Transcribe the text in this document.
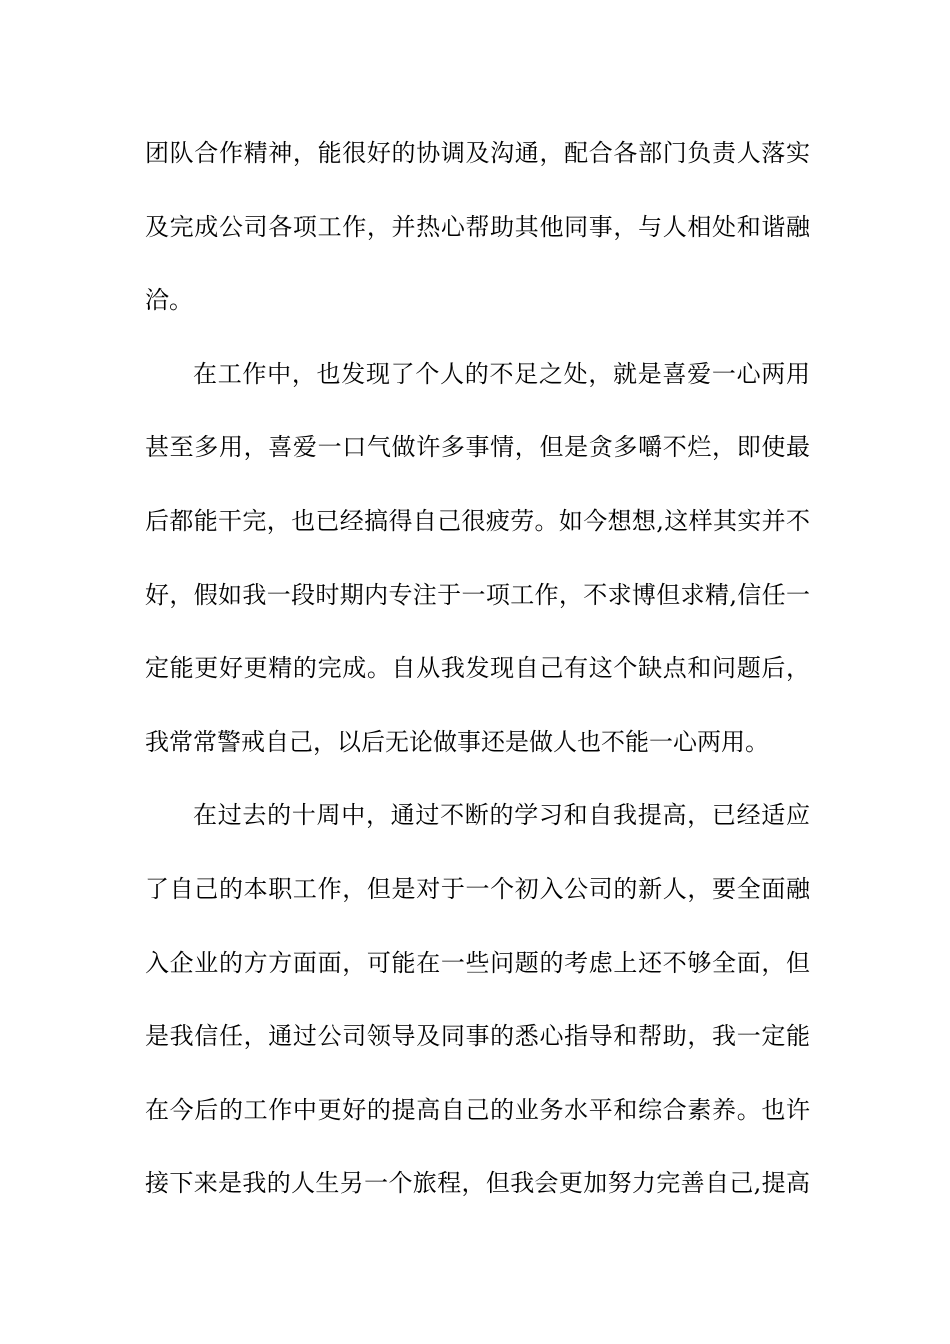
团队合作精神，能很好的协调及沟通，配合各部门负责人落实
及完成公司各项工作，并热心帮助其他同事，与人相处和谐融
洽。
在工作中，也发现了个人的不足之处，就是喜爱一心两用
甚至多用，喜爱一口气做许多事情，但是贪多嚼不烂，即使最
后都能干完，也已经搞得自己很疲劳。如今想想,这样其实并不
好，假如我一段时期内专注于一项工作，不求博但求精,信任一
定能更好更精的完成。自从我发现自己有这个缺点和问题后，
我常常警戒自己，以后无论做事还是做人也不能一心两用。
在过去的十周中，通过不断的学习和自我提高，已经适应
了自己的本职工作，但是对于一个初入公司的新人，要全面融
入企业的方方面面，可能在一些问题的考虑上还不够全面，但
是我信任，通过公司领导及同事的悉心指导和帮助，我一定能
在今后的工作中更好的提高自己的业务水平和综合素养。也许
接下来是我的人生另一个旅程，但我会更加努力完善自己,提高
